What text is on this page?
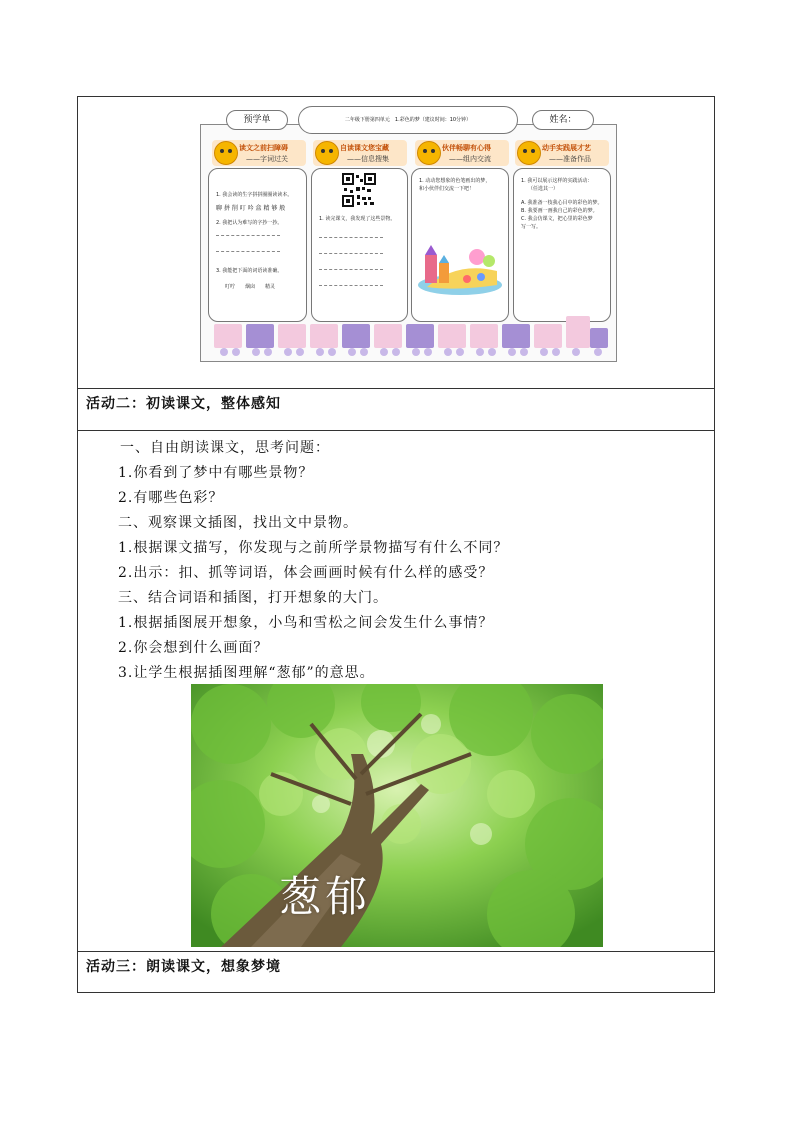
预学单	二年级下册第四单元　1.彩色的梦（建议时间：10分钟）	姓名：
读文之前扫障碍
——字词过关
自读课文您宝藏
——信息搜集
伙伴畅聊有心得
——组内交流
动手实践展才艺
——准备作品
1. 我会读的生字拼拼圈圈读读本。
聊 拼 削 叮 吟 盒 精 够 般
2. 我把认为难写的字抄一抄。
3. 我能把下面的词语读准确。
叮咛　　烟囱　　精灵
1. 读完课文，我发现了这些景物。
1. 动动您想象的色笔画出的梦，
和小伙伴们交流一下吧！
1. 我可以展示这样的实践活动：
（任选其一）
A. 我准备一枝我心目中的彩色的梦。
B. 我要画一画我自己的彩色的梦。
C. 我会仿课文，把心里的彩色梦
写一写。
活动二：初读课文，整体感知
一、自由朗读课文，思考问题：
1.你看到了梦中有哪些景物？
2.有哪些色彩？
二、观察课文插图，找出文中景物。
1.根据课文描写，你发现与之前所学景物描写有什么不同？
2.出示：扣、抓等词语，体会画画时候有什么样的感受？
三、结合词语和插图，打开想象的大门。
1.根据插图展开想象，小鸟和雪松之间会发生什么事情？
2.你会想到什么画面？
3.让学生根据插图理解“葱郁”的意思。
葱郁
活动三：朗读课文，想象梦境
